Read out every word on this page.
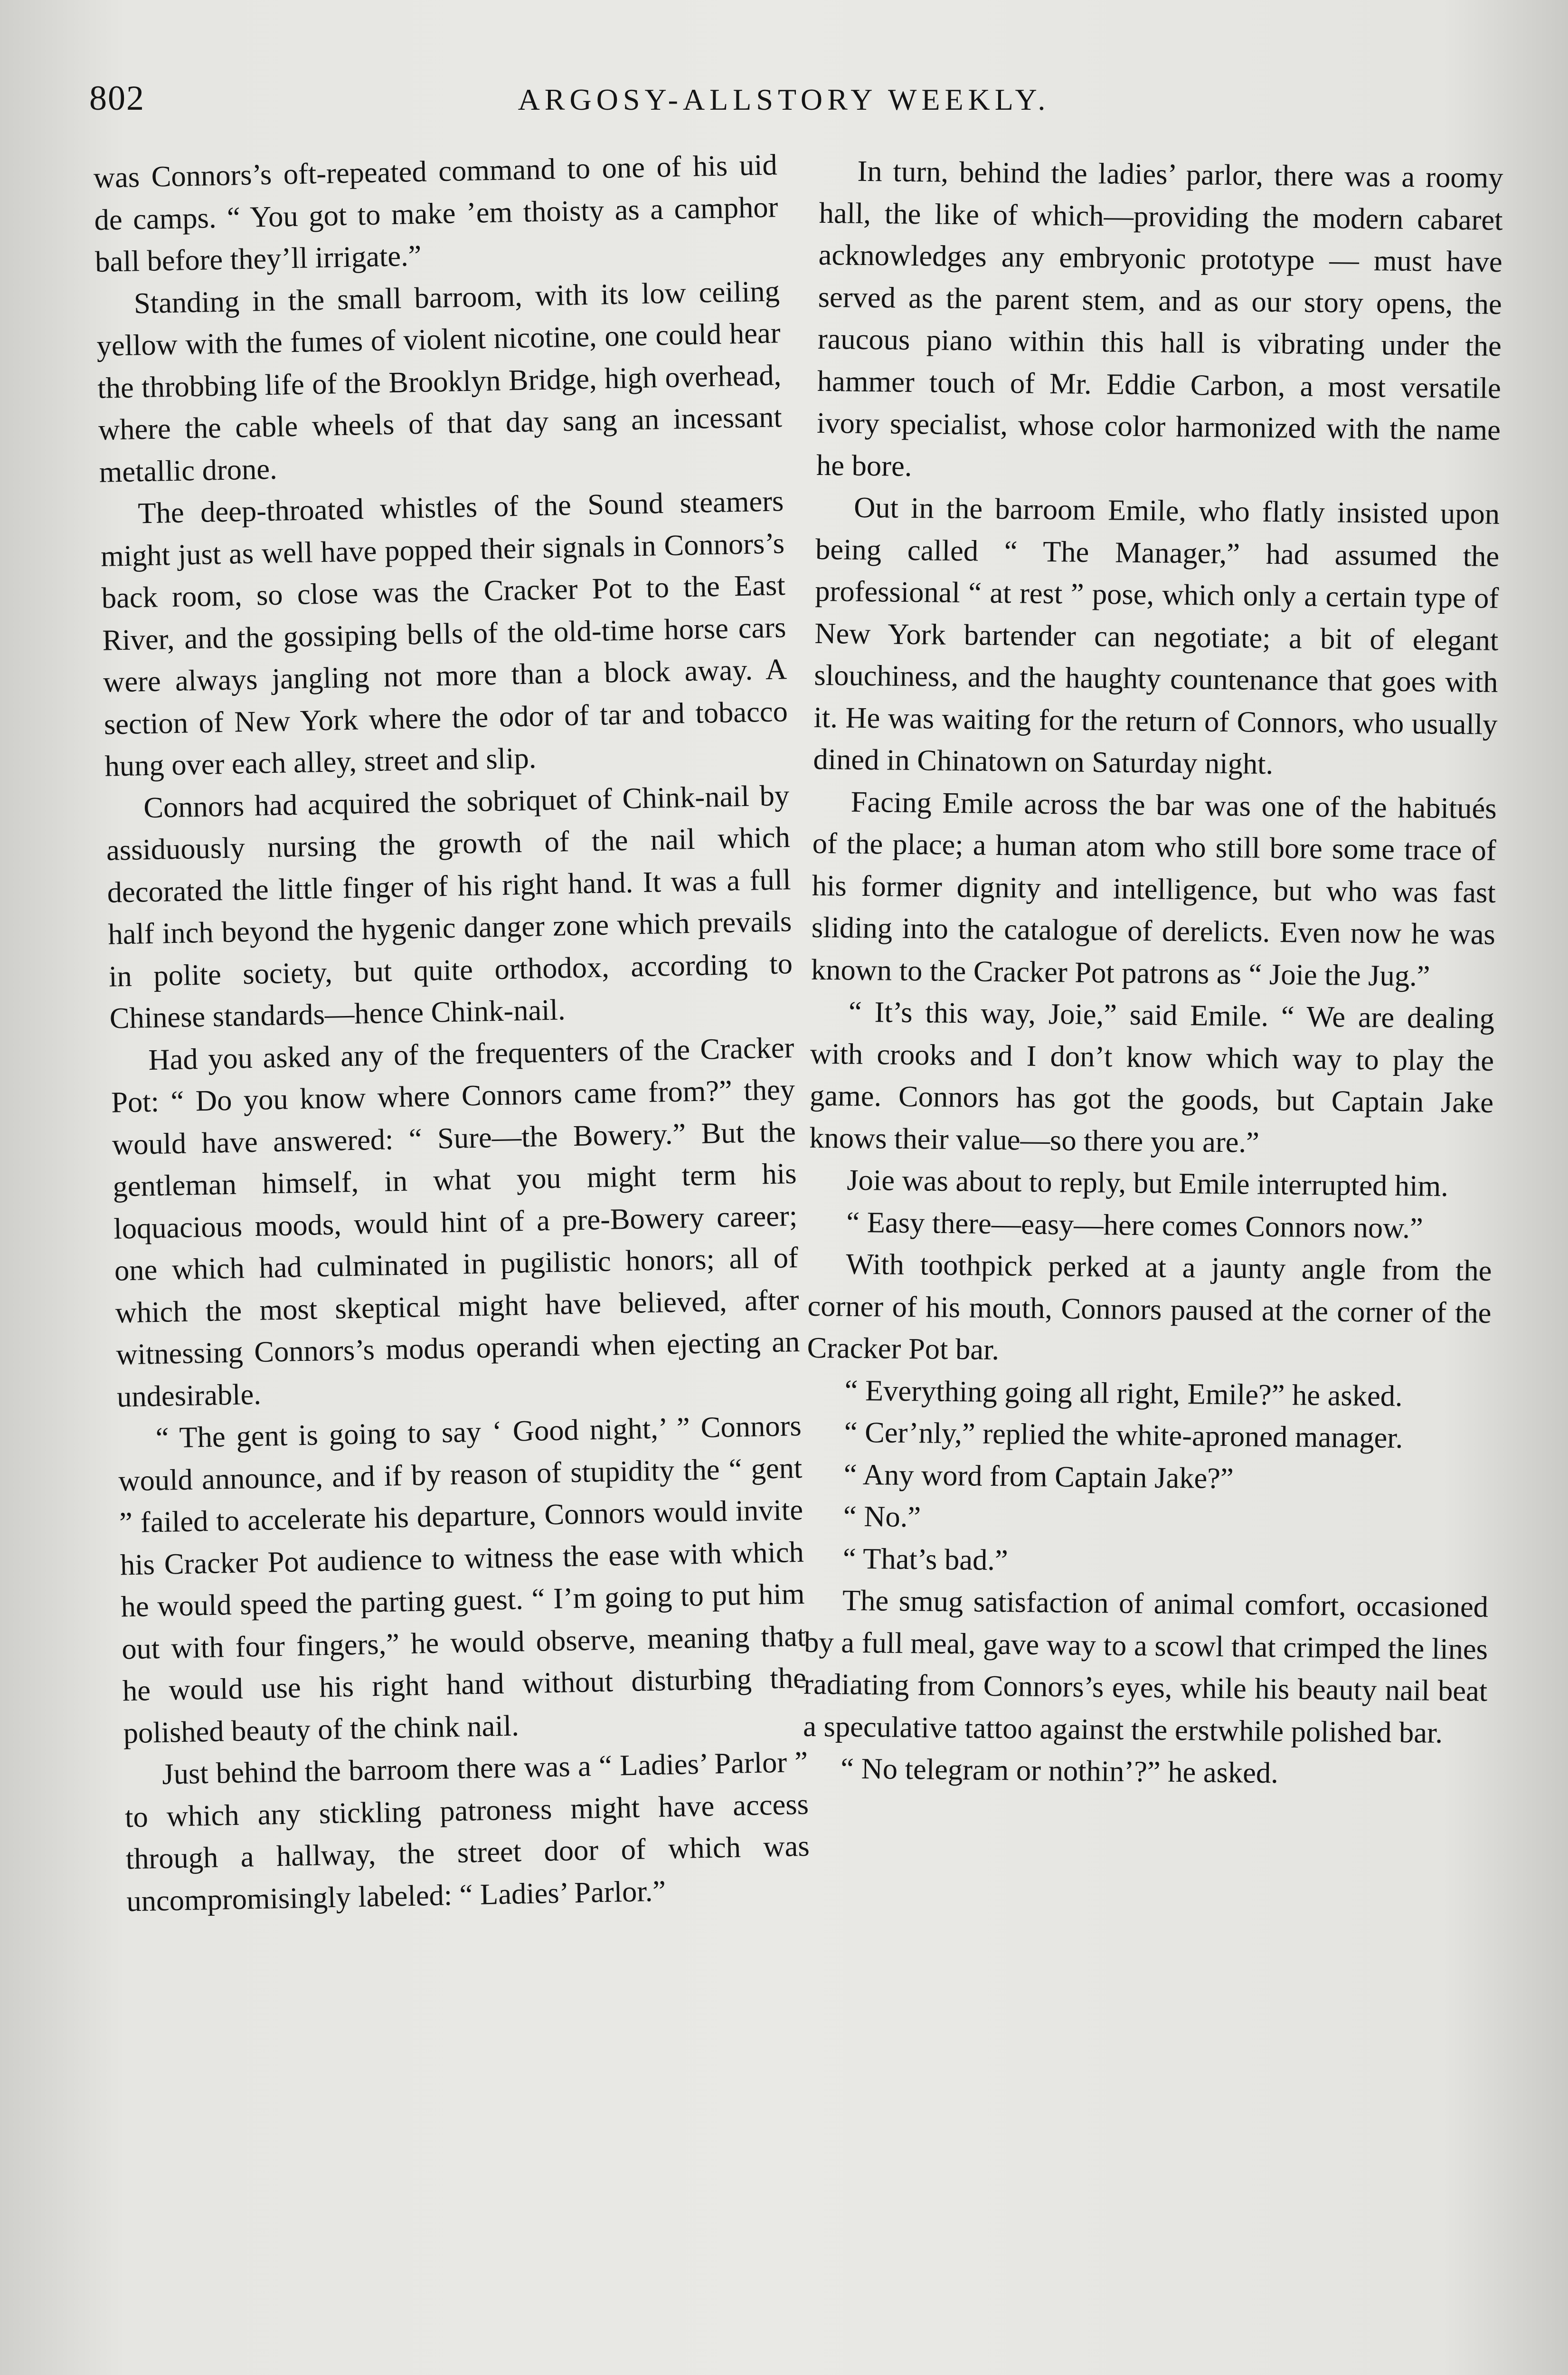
802	ARGOSY-ALLSTORY WEEKLY.

was Connors’s oft-repeated command to one of his uid de camps. “ You got to make ’em thoisty as a camphor ball before they’ll irrigate.”

Standing in the small barroom, with its low ceiling yellow with the fumes of violent nicotine, one could hear the throbbing life of the Brooklyn Bridge, high overhead, where the cable wheels of that day sang an incessant metallic drone.

The deep-throated whistles of the Sound steamers might just as well have popped their signals in Connors’s back room, so close was the Cracker Pot to the East River, and the gossiping bells of the old-time horse cars were always jangling not more than a block away. A section of New York where the odor of tar and tobacco hung over each alley, street and slip.

Connors had acquired the sobriquet of Chink-nail by assiduously nursing the growth of the nail which decorated the little finger of his right hand. It was a full half inch beyond the hygenic danger zone which prevails in polite society, but quite orthodox, according to Chinese standards—hence Chink-nail.

Had you asked any of the frequenters of the Cracker Pot: “ Do you know where Connors came from?” they would have answered: “ Sure—the Bowery.” But the gentleman himself, in what you might term his loquacious moods, would hint of a pre-Bowery career; one which had culminated in pugilistic honors; all of which the most skeptical might have believed, after witnessing Connors’s modus operandi when ejecting an undesirable.

“ The gent is going to say ‘ Good night,’ ” Connors would announce, and if by reason of stupidity the “ gent ” failed to accelerate his departure, Connors would invite his Cracker Pot audience to witness the ease with which he would speed the parting guest. “ I’m going to put him out with four fingers,” he would observe, meaning that he would use his right hand without disturbing the polished beauty of the chink nail.

Just behind the barroom there was a “ Ladies’ Parlor ” to which any stickling patroness might have access through a hallway, the street door of which was uncompromisingly labeled: “ Ladies’ Parlor.”

In turn, behind the ladies’ parlor, there was a roomy hall, the like of which—providing the modern cabaret acknowledges any embryonic prototype — must have served as the parent stem, and as our story opens, the raucous piano within this hall is vibrating under the hammer touch of Mr. Eddie Carbon, a most versatile ivory specialist, whose color harmonized with the name he bore.

Out in the barroom Emile, who flatly insisted upon being called “ The Manager,” had assumed the professional “ at rest ” pose, which only a certain type of New York bartender can negotiate; a bit of elegant slouchiness, and the haughty countenance that goes with it. He was waiting for the return of Connors, who usually dined in Chinatown on Saturday night.

Facing Emile across the bar was one of the habitués of the place; a human atom who still bore some trace of his former dignity and intelligence, but who was fast sliding into the catalogue of derelicts. Even now he was known to the Cracker Pot patrons as “ Joie the Jug.”

“ It’s this way, Joie,” said Emile. “ We are dealing with crooks and I don’t know which way to play the game. Connors has got the goods, but Captain Jake knows their value—so there you are.”

Joie was about to reply, but Emile interrupted him.

“ Easy there—easy—here comes Connors now.”

With toothpick perked at a jaunty angle from the corner of his mouth, Connors paused at the corner of the Cracker Pot bar.

“ Everything going all right, Emile?” he asked.

“ Cer’nly,” replied the white-aproned manager.

“ Any word from Captain Jake?”

“ No.”

“ That’s bad.”

The smug satisfaction of animal comfort, occasioned by a full meal, gave way to a scowl that crimped the lines radiating from Connors’s eyes, while his beauty nail beat a speculative tattoo against the erstwhile polished bar.

“ No telegram or nothin’?” he asked.
